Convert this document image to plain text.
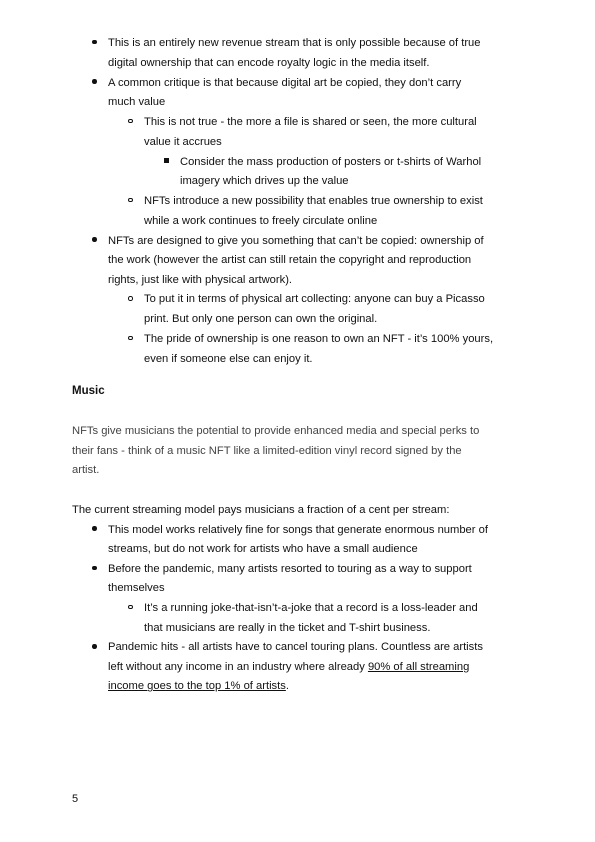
This is an entirely new revenue stream that is only possible because of true
digital ownership that can encode royalty logic in the media itself.
A common critique is that because digital art be copied, they don’t carry
much value
This is not true - the more a file is shared or seen, the more cultural
value it accrues
Consider the mass production of posters or t-shirts of Warhol
imagery which drives up the value
NFTs introduce a new possibility that enables true ownership to exist
while a work continues to freely circulate online
NFTs are designed to give you something that can’t be copied: ownership of
the work (however the artist can still retain the copyright and reproduction
rights, just like with physical artwork).
To put it in terms of physical art collecting: anyone can buy a Picasso
print. But only one person can own the original.
The pride of ownership is one reason to own an NFT - it’s 100% yours,
even if someone else can enjoy it.
Music
NFTs give musicians the potential to provide enhanced media and special perks to
their fans - think of a music NFT like a limited-edition vinyl record signed by the
artist.
The current streaming model pays musicians a fraction of a cent per stream:
This model works relatively fine for songs that generate enormous number of
streams, but do not work for artists who have a small audience
Before the pandemic, many artists resorted to touring as a way to support
themselves
It’s a running joke-that-isn’t-a-joke that a record is a loss-leader and
that musicians are really in the ticket and T-shirt business.
Pandemic hits - all artists have to cancel touring plans. Countless are artists
left without any income in an industry where already 90% of all streaming
income goes to the top 1% of artists.
5
